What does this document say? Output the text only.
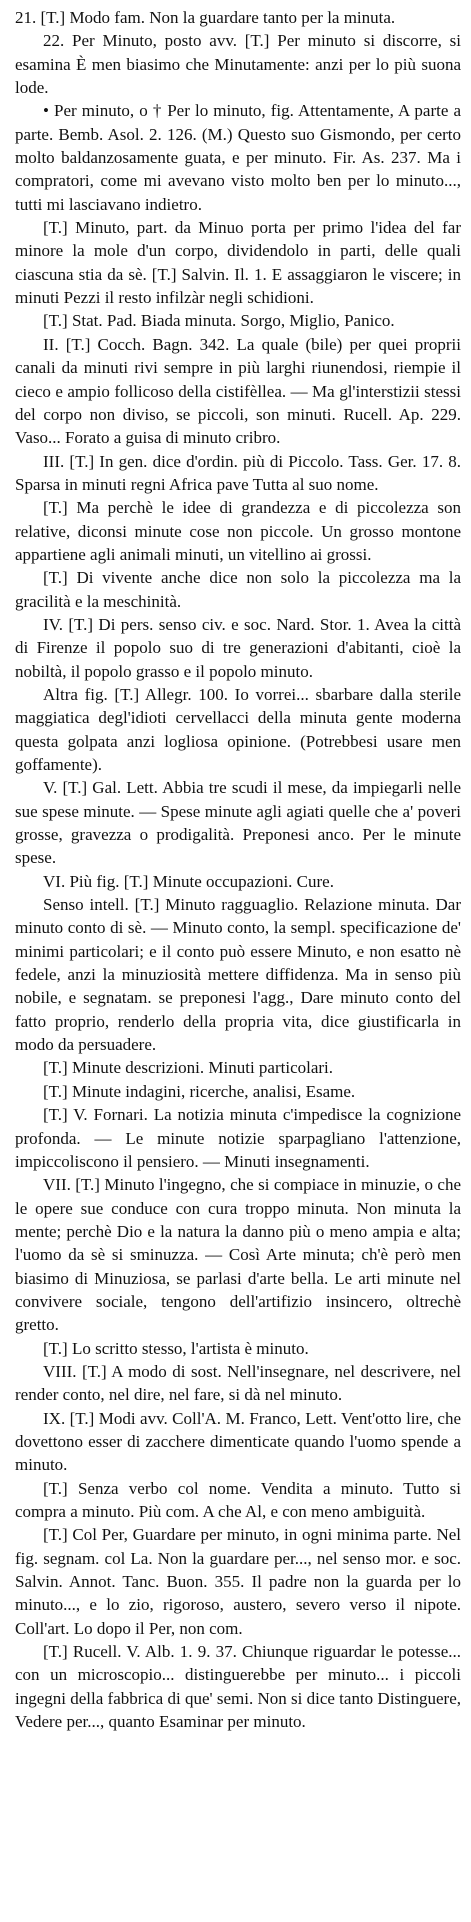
21. [T.] Modo fam. Non la guardare tanto per la minuta.

22. Per Minuto, posto avv. [T.] Per minuto si discorre, si esamina È men biasimo che Minutamente: anzi per lo più suona lode.

• Per minuto, o † Per lo minuto, fig. Attentamente, A parte a parte. Bemb. Asol. 2. 126. (M.) Questo suo Gismondo, per certo molto baldanzosamente guata, e per minuto. Fir. As. 237. Ma i compratori, come mi avevano visto molto ben per lo minuto..., tutti mi lasciavano indietro.

[T.] Minuto, part. da Minuo porta per primo l'idea del far minore la mole d'un corpo, dividendolo in parti, delle quali ciascuna stia da sè. [T.] Salvin. Il. 1. E assaggiaron le viscere; in minuti Pezzi il resto infilzàr negli schidioni.

[T.] Stat. Pad. Biada minuta. Sorgo, Miglio, Panico.

II. [T.] Cocch. Bagn. 342. La quale (bile) per quei proprii canali da minuti rivi sempre in più larghi riunendosi, riempie il cieco e ampio follicoso della cistifèllea. — Ma gl'interstizii stessi del corpo non diviso, se piccoli, son minuti. Rucell. Ap. 229. Vaso... Forato a guisa di minuto cribro.

III. [T.] In gen. dice d'ordin. più di Piccolo. Tass. Ger. 17. 8. Sparsa in minuti regni Africa pave Tutta al suo nome.

[T.] Ma perchè le idee di grandezza e di piccolezza son relative, diconsi minute cose non piccole. Un grosso montone appartiene agli animali minuti, un vitellino ai grossi.

[T.] Di vivente anche dice non solo la piccolezza ma la gracilità e la meschinità.

IV. [T.] Di pers. senso civ. e soc. Nard. Stor. 1. Avea la città di Firenze il popolo suo di tre generazioni d'abitanti, cioè la nobiltà, il popolo grasso e il popolo minuto.

Altra fig. [T.] Allegr. 100. Io vorrei... sbarbare dalla sterile maggiatica degl'idioti cervellacci della minuta gente moderna questa golpata anzi logliosa opinione. (Potrebbesi usare men goffamente).

V. [T.] Gal. Lett. Abbia tre scudi il mese, da impiegarli nelle sue spese minute. — Spese minute agli agiati quelle che a' poveri grosse, gravezza o prodigalità. Preponesi anco. Per le minute spese.

VI. Più fig. [T.] Minute occupazioni. Cure.

Senso intell. [T.] Minuto ragguaglio. Relazione minuta. Dar minuto conto di sè. — Minuto conto, la sempl. specificazione de' minimi particolari; e il conto può essere Minuto, e non esatto nè fedele, anzi la minuziosità mettere diffidenza. Ma in senso più nobile, e segnatam. se preponesi l'agg., Dare minuto conto del fatto proprio, renderlo della propria vita, dice giustificarla in modo da persuadere.

[T.] Minute descrizioni. Minuti particolari.

[T.] Minute indagini, ricerche, analisi, Esame.

[T.] V. Fornari. La notizia minuta c'impedisce la cognizione profonda. — Le minute notizie sparpagliano l'attenzione, impiccoliscono il pensiero. — Minuti insegnamenti.

VII. [T.] Minuto l'ingegno, che si compiace in minuzie, o che le opere sue conduce con cura troppo minuta. Non minuta la mente; perchè Dio e la natura la danno più o meno ampia e alta; l'uomo da sè si sminuzza. — Così Arte minuta; ch'è però men biasimo di Minuziosa, se parlasi d'arte bella. Le arti minute nel convivere sociale, tengono dell'artifizio insincero, oltrechè gretto.

[T.] Lo scritto stesso, l'artista è minuto.

VIII. [T.] A modo di sost. Nell'insegnare, nel descrivere, nel render conto, nel dire, nel fare, si dà nel minuto.

IX. [T.] Modi avv. Coll'A. M. Franco, Lett. Vent'otto lire, che dovettono esser di zacchere dimenticate quando l'uomo spende a minuto.

[T.] Senza verbo col nome. Vendita a minuto. Tutto si compra a minuto. Più com. A che Al, e con meno ambiguità.

[T.] Col Per, Guardare per minuto, in ogni minima parte. Nel fig. segnam. col La. Non la guardare per..., nel senso mor. e soc. Salvin. Annot. Tanc. Buon. 355. Il padre non la guarda per lo minuto..., e lo zio, rigoroso, austero, severo verso il nipote. Coll'art. Lo dopo il Per, non com.

[T.] Rucell. V. Alb. 1. 9. 37. Chiunque riguardar le potesse... con un microscopio... distinguerebbe per minuto... i piccoli ingegni della fabbrica di que' semi. Non si dice tanto Distinguere, Vedere per..., quanto Esaminar per minuto.
